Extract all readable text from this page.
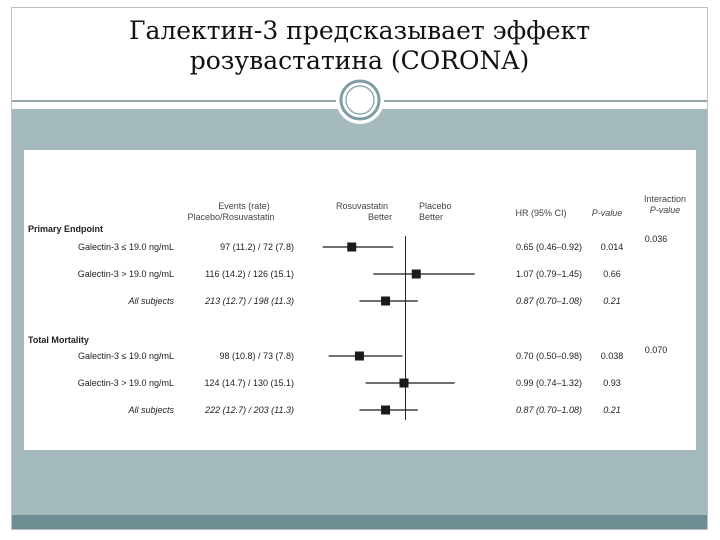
Галектин-3 предсказывает эффект
розувастатина (CORONA)
Events (rate)
Placebo/Rosuvastatin
Rosuvastatin
Better
Placebo
Better	HR (95% CI)	P-value
Interaction
P-value
Primary Endpoint
Total Mortality
0.036
0.070
Galectin-3 ≤ 19.0 ng/mL	97 (11.2) / 72 (7.8)	0.65 (0.46–0.92) 0.014
Galectin-3 > 19.0 ng/mL	116 (14.2) / 126 (15.1)	1.07 (0.79–1.45) 0.66
All subjects	213 (12.7) / 198 (11.3)	0.87 (0.70–1.08) 0.21
Galectin-3 ≤ 19.0 ng/mL	98 (10.8) / 73 (7.8)	0.70 (0.50–0.98) 0.038
Galectin-3 > 19.0 ng/mL	124 (14.7) / 130 (15.1)	0.99 (0.74–1.32) 0.93
All subjects	222 (12.7) / 203 (11.3)	0.87 (0.70–1.08) 0.21
